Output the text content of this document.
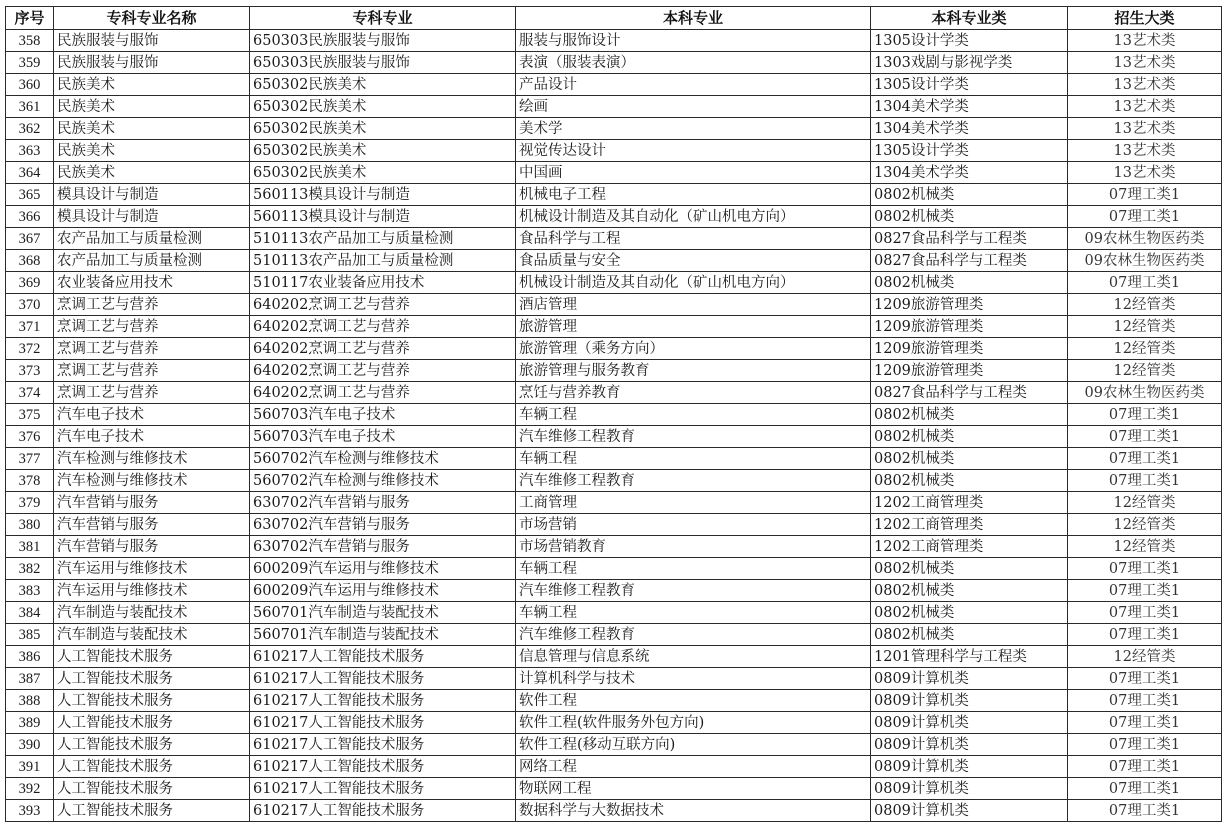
序号	专科专业名称	专科专业	本科专业	本科专业类	招生大类
358	民族服装与服饰	650303民族服装与服饰	服装与服饰设计	1305设计学类	13艺术类
359	民族服装与服饰	650303民族服装与服饰	表演（服装表演）	1303戏剧与影视学类	13艺术类
360	民族美术	650302民族美术	产品设计	1305设计学类	13艺术类
361	民族美术	650302民族美术	绘画	1304美术学类	13艺术类
362	民族美术	650302民族美术	美术学	1304美术学类	13艺术类
363	民族美术	650302民族美术	视觉传达设计	1305设计学类	13艺术类
364	民族美术	650302民族美术	中国画	1304美术学类	13艺术类
365	模具设计与制造	560113模具设计与制造	机械电子工程	0802机械类	07理工类1
366	模具设计与制造	560113模具设计与制造	机械设计制造及其自动化（矿山机电方向）	0802机械类	07理工类1
367	农产品加工与质量检测	510113农产品加工与质量检测	食品科学与工程	0827食品科学与工程类	09农林生物医药类
368	农产品加工与质量检测	510113农产品加工与质量检测	食品质量与安全	0827食品科学与工程类	09农林生物医药类
369	农业装备应用技术	510117农业装备应用技术	机械设计制造及其自动化（矿山机电方向）	0802机械类	07理工类1
370	烹调工艺与营养	640202烹调工艺与营养	酒店管理	1209旅游管理类	12经管类
371	烹调工艺与营养	640202烹调工艺与营养	旅游管理	1209旅游管理类	12经管类
372	烹调工艺与营养	640202烹调工艺与营养	旅游管理（乘务方向）	1209旅游管理类	12经管类
373	烹调工艺与营养	640202烹调工艺与营养	旅游管理与服务教育	1209旅游管理类	12经管类
374	烹调工艺与营养	640202烹调工艺与营养	烹饪与营养教育	0827食品科学与工程类	09农林生物医药类
375	汽车电子技术	560703汽车电子技术	车辆工程	0802机械类	07理工类1
376	汽车电子技术	560703汽车电子技术	汽车维修工程教育	0802机械类	07理工类1
377	汽车检测与维修技术	560702汽车检测与维修技术	车辆工程	0802机械类	07理工类1
378	汽车检测与维修技术	560702汽车检测与维修技术	汽车维修工程教育	0802机械类	07理工类1
379	汽车营销与服务	630702汽车营销与服务	工商管理	1202工商管理类	12经管类
380	汽车营销与服务	630702汽车营销与服务	市场营销	1202工商管理类	12经管类
381	汽车营销与服务	630702汽车营销与服务	市场营销教育	1202工商管理类	12经管类
382	汽车运用与维修技术	600209汽车运用与维修技术	车辆工程	0802机械类	07理工类1
383	汽车运用与维修技术	600209汽车运用与维修技术	汽车维修工程教育	0802机械类	07理工类1
384	汽车制造与装配技术	560701汽车制造与装配技术	车辆工程	0802机械类	07理工类1
385	汽车制造与装配技术	560701汽车制造与装配技术	汽车维修工程教育	0802机械类	07理工类1
386	人工智能技术服务	610217人工智能技术服务	信息管理与信息系统	1201管理科学与工程类	12经管类
387	人工智能技术服务	610217人工智能技术服务	计算机科学与技术	0809计算机类	07理工类1
388	人工智能技术服务	610217人工智能技术服务	软件工程	0809计算机类	07理工类1
389	人工智能技术服务	610217人工智能技术服务	软件工程(软件服务外包方向)	0809计算机类	07理工类1
390	人工智能技术服务	610217人工智能技术服务	软件工程(移动互联方向)	0809计算机类	07理工类1
391	人工智能技术服务	610217人工智能技术服务	网络工程	0809计算机类	07理工类1
392	人工智能技术服务	610217人工智能技术服务	物联网工程	0809计算机类	07理工类1
393	人工智能技术服务	610217人工智能技术服务	数据科学与大数据技术	0809计算机类	07理工类1
